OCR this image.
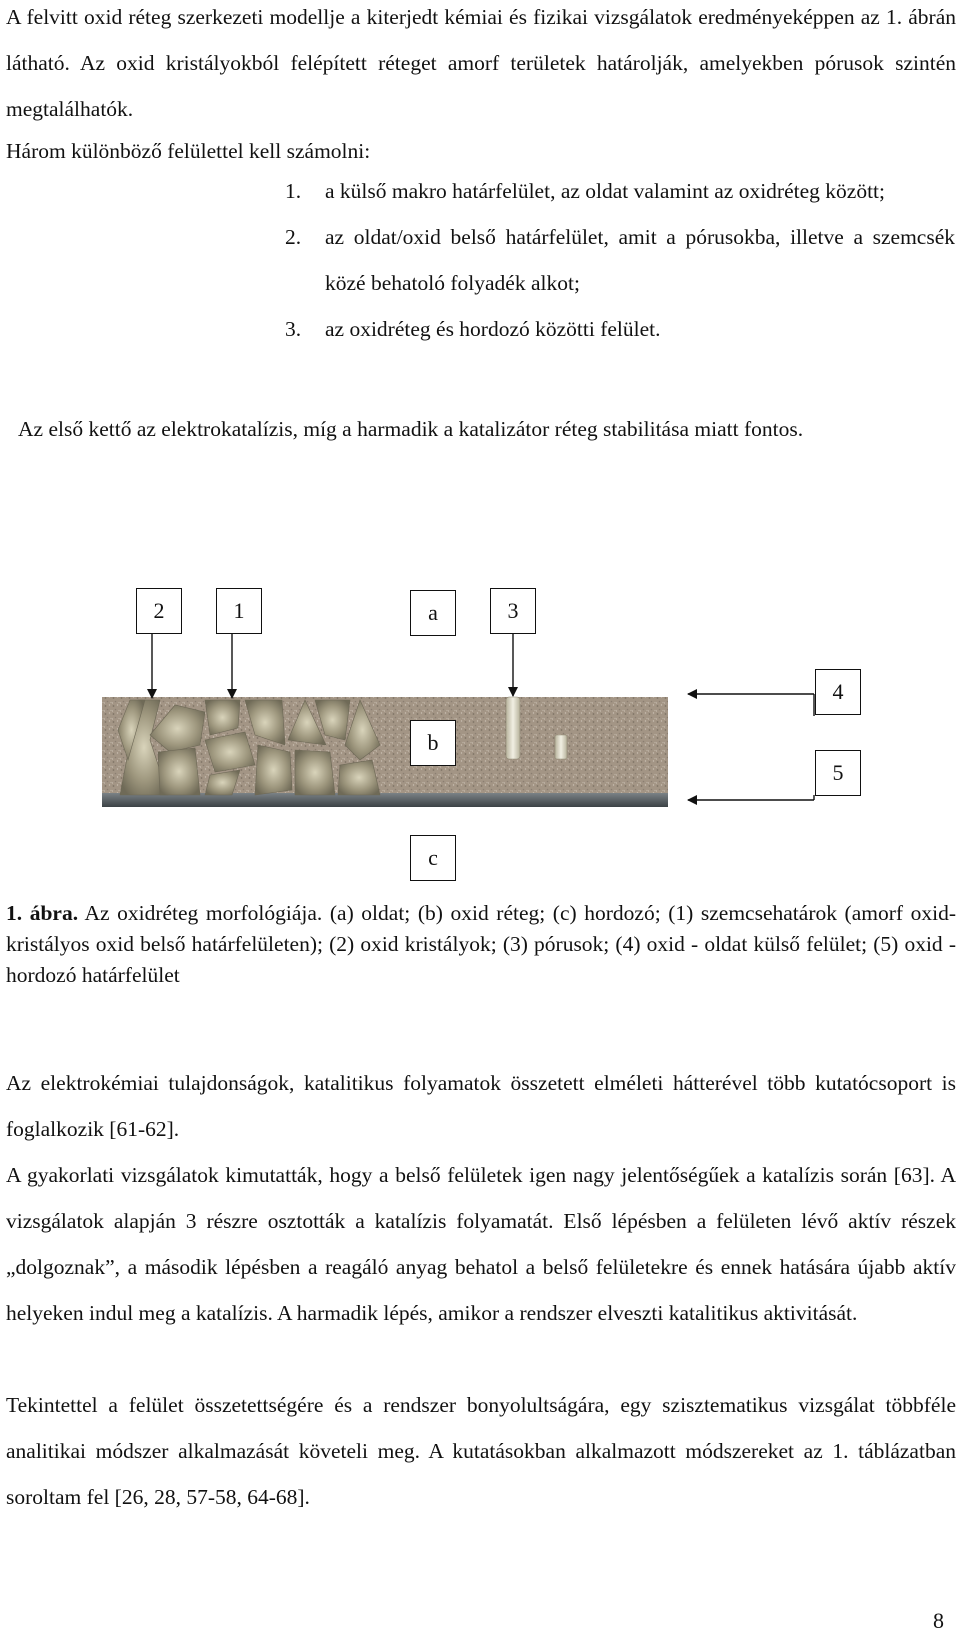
A felvitt oxid réteg szerkezeti modellje a kiterjedt kémiai és fizikai vizsgálatok eredményeképpen az 1. ábrán látható. Az oxid kristályokból felépített réteget amorf területek határolják, amelyekben pórusok szintén megtalálhatók.

Három különböző felülettel kell számolni:

1. a külső makro határfelület, az oldat valamint az oxidréteg között;
2. az oldat/oxid belső határfelület, amit a pórusokba, illetve a szemcsék közé behatoló folyadék alkot;
3. az oxidréteg és hordozó közötti felület.

Az első kettő az elektrokatalízis, míg a harmadik a katalizátor réteg stabilitása miatt fontos.

2	1	a	3
4
b
5
c

1. ábra. Az oxidréteg morfológiája. (a) oldat; (b) oxid réteg; (c) hordozó; (1) szemcsehatárok (amorf oxid-kristályos oxid belső határfelületen); (2) oxid kristályok; (3) pórusok; (4) oxid - oldat külső felület; (5) oxid - hordozó határfelület

Az elektrokémiai tulajdonságok, katalitikus folyamatok összetett elméleti hátterével több kutatócsoport is foglalkozik [61-62].

A gyakorlati vizsgálatok kimutatták, hogy a belső felületek igen nagy jelentőségűek a katalízis során [63]. A vizsgálatok alapján 3 részre osztották a katalízis folyamatát. Első lépésben a felületen lévő aktív részek „dolgoznak”, a második lépésben a reagáló anyag behatol a belső felületekre és ennek hatására újabb aktív helyeken indul meg a katalízis. A harmadik lépés, amikor a rendszer elveszti katalitikus aktivitását.

Tekintettel a felület összetettségére és a rendszer bonyolultságára, egy szisztematikus vizsgálat többféle analitikai módszer alkalmazását követeli meg. A kutatásokban alkalmazott módszereket az 1. táblázatban soroltam fel [26, 28, 57-58, 64-68].

8
